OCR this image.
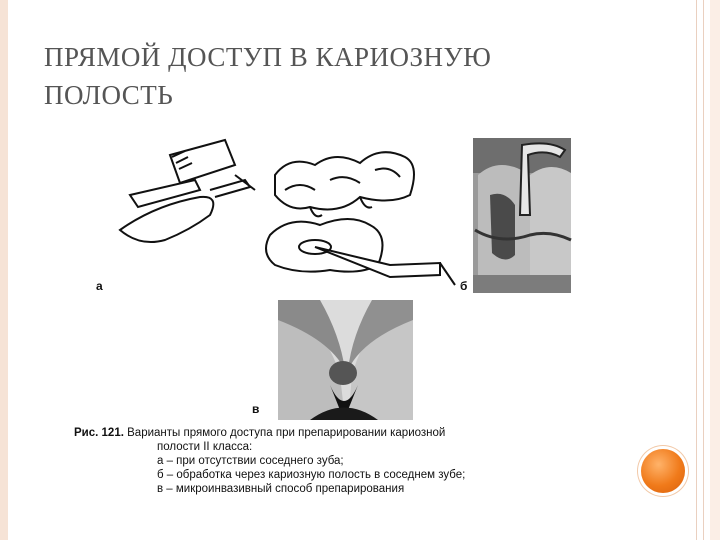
ПРЯМОЙ ДОСТУП В КАРИОЗНУЮ
ПОЛОСТЬ
а	б
в
Рис. 121. Варианты прямого доступа при препарировании кариозной
полости II класса:
а – при отсутствии соседнего зуба;
б – обработка через кариозную полость в соседнем зубе;
в – микроинвазивный способ препарирования
